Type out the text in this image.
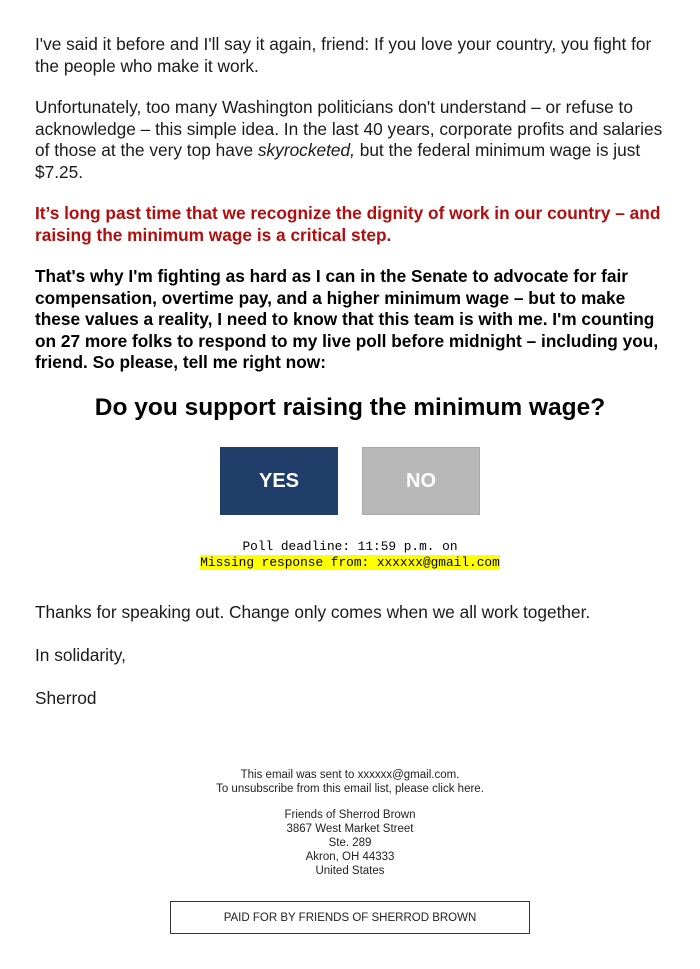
I've said it before and I'll say it again, friend: If you love your country, you fight for the people who make it work.

Unfortunately, too many Washington politicians don't understand – or refuse to acknowledge – this simple idea. In the last 40 years, corporate profits and salaries of those at the very top have skyrocketed, but the federal minimum wage is just $7.25.

It’s long past time that we recognize the dignity of work in our country – and raising the minimum wage is a critical step.

That's why I'm fighting as hard as I can in the Senate to advocate for fair compensation, overtime pay, and a higher minimum wage – but to make these values a reality, I need to know that this team is with me. I'm counting on 27 more folks to respond to my live poll before midnight – including you, friend. So please, tell me right now:

Do you support raising the minimum wage?
YES	NO
Poll deadline: 11:59 p.m. on
Missing response from: xxxxxx@gmail.com

Thanks for speaking out. Change only comes when we all work together.

In solidarity,

Sherrod

This email was sent to xxxxxx@gmail.com.
To unsubscribe from this email list, please click here.
Friends of Sherrod Brown
3867 West Market Street
Ste. 289
Akron, OH 44333
United States
PAID FOR BY FRIENDS OF SHERROD BROWN
